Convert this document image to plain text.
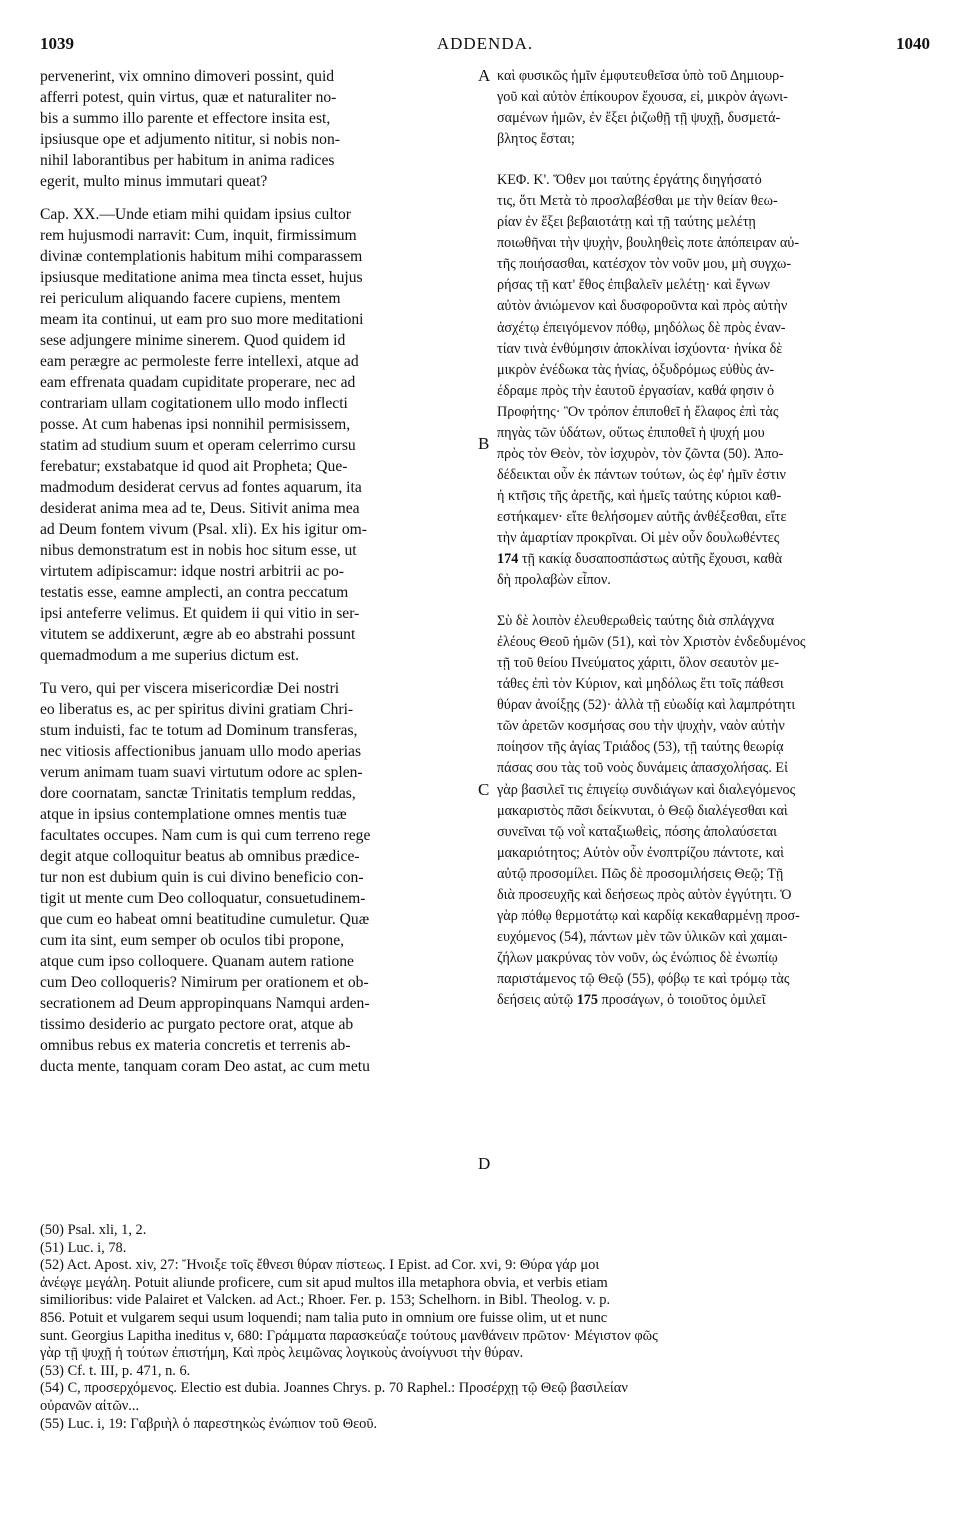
1039	ADDENDA.	1040
pervenerint, vix omnino dimoveri possint, quid
afferri potest, quin virtus, quæ et naturaliter no-
bis a summo illo parente et effectore insita est,
ipsiusque ope et adjumento nititur, si nobis non-
nihil laborantibus per habitum in anima radices
egerit, multo minus immutari queat?
Cap. XX.—Unde etiam mihi quidam ipsius cultor
rem hujusmodi narravit: Cum, inquit, firmissimum
divinæ contemplationis habitum mihi comparassem
ipsiusque meditatione anima mea tincta esset, hujus
rei periculum aliquando facere cupiens, mentem
meam ita continui, ut eam pro suo more meditationi
sese adjungere minime sinerem. Quod quidem id
eam perægre ac permoleste ferre intellexi, atque ad
eam effrenata quadam cupiditate properare, nec ad
contrariam ullam cogitationem ullo modo inflecti
posse. At cum habenas ipsi nonnihil permisissem,
statim ad studium suum et operam celerrimo cursu
ferebatur; exstabatque id quod ait Propheta; Que-
madmodum desiderat cervus ad fontes aquarum, ita
desiderat anima mea ad te, Deus. Sitivit anima mea
ad Deum fontem vivum (Psal. xli). Ex his igitur om-
nibus demonstratum est in nobis hoc situm esse, ut
virtutem adipiscamur: idque nostri arbitrii ac po-
testatis esse, eamne amplecti, an contra peccatum
ipsi anteferre velimus. Et quidem ii qui vitio in ser-
vitutem se addixerunt, ægre ab eo abstrahi possunt
quemadmodum a me superius dictum est.
Tu vero, qui per viscera misericordiæ Dei nostri
eo liberatus es, ac per spiritus divini gratiam Chri-
stum induisti, fac te totum ad Dominum transferas,
nec vitiosis affectionibus januam ullo modo aperias
verum animam tuam suavi virtutum odore ac splen-
dore coornatam, sanctæ Trinitatis templum reddas,
atque in ipsius contemplatione omnes mentis tuæ
facultates occupes. Nam cum is qui cum terreno rege
degit atque colloquitur beatus ab omnibus prædice-
tur non est dubium quin is cui divino beneficio con-
tigit ut mente cum Deo colloquatur, consuetudinem-
que cum eo habeat omni beatitudine cumuletur. Quæ
cum ita sint, eum semper ob oculos tibi propone,
atque cum ipso colloquere. Quanam autem ratione
cum Deo colloqueris? Nimirum per orationem et ob-
secrationem ad Deum appropinquans Namqui arden-
tissimo desiderio ac purgato pectore orat, atque ab
omnibus rebus ex materia concretis et terrenis ab-
ducta mente, tanquam coram Deo astat, ac cum metu
καὶ φυσικῶς ἡμῖν ἐμφυτευθεῖσα ὑπὸ τοῦ Δημιουρ-
γοῦ καὶ αὐτὸν ἐπίκουρον ἔχουσα, εἰ, μικρὸν ἀγωνι-
σαμένων ἡμῶν, ἐν ἕξει ῥιζωθῇ τῇ ψυχῇ, δυσμετά-
βλητος ἔσται;
ΚΕΦ. Κ'. Ὅθεν μοι ταύτης ἐργάτης διηγήσατό
τις, ὅτι Μετὰ τὸ προσλαβέσθαι με τὴν θείαν θεω-
ρίαν ἐν ἕξει βεβαιοτάτῃ καὶ τῇ ταύτης μελέτῃ
ποιωθῆναι τὴν ψυχὴν, βουληθεὶς ποτε ἀπόπειραν αὐ-
τῆς ποιήσασθαι, κατέσχον τὸν νοῦν μου, μὴ συγχω-
ρήσας τῇ κατ' ἔθος ἐπιβαλεῖν μελέτῃ· καὶ ἔγνων
αὐτὸν ἀνιώμενον καὶ δυσφοροῦντα καὶ πρὸς αὐτὴν
ἀσχέτῳ ἐπειγόμενον πόθῳ, μηδόλως δὲ πρὸς ἐναν-
τίαν τινὰ ἐνθύμησιν ἀποκλίναι ἰσχύοντα· ἡνίκα δὲ
μικρὸν ἐνέδωκα τὰς ἡνίας, ὀξυδρόμως εὐθὺς ἀν-
έδραμε πρὸς τὴν ἑαυτοῦ ἐργασίαν, καθά φησιν ὁ
Προφήτης· Ὃν τρόπον ἐπιποθεῖ ἡ ἔλαφος ἐπὶ τὰς
πηγὰς τῶν ὑδάτων, οὕτως ἐπιποθεῖ ἡ ψυχή μου
πρὸς τὸν Θεὸν, τὸν ἰσχυρὸν, τὸν ζῶντα (50). Ἀπο-
δέδεικται οὖν ἐκ πάντων τούτων, ὡς ἐφ' ἡμῖν ἐστιν
ἡ κτῆσις τῆς ἀρετῆς, καὶ ἡμεῖς ταύτης κύριοι καθ-
εστήκαμεν· εἴτε θελήσομεν αὐτῆς ἀνθέξεσθαι, εἴτε
τὴν ἁμαρτίαν προκρῖναι. Οἱ μὲν οὖν δουλωθέντες
174 τῇ κακίᾳ δυσαποσπάστως αὐτῆς ἔχουσι, καθὰ
δὴ προλαβὼν εἶπον.
Σὺ δὲ λοιπὸν ἐλευθερωθεὶς ταύτης διὰ σπλάγχνα
ἐλέους Θεοῦ ἡμῶν (51), καὶ τὸν Χριστὸν ἐνδεδυμένος
τῇ τοῦ θείου Πνεύματος χάριτι, ὅλον σεαυτὸν με-
τάθες ἐπὶ τὸν Κύριον, καὶ μηδόλως ἔτι τοῖς πάθεσι
θύραν ἀνοίξῃς (52)· ἀλλὰ τῇ εὐωδίᾳ καὶ λαμπρότητι
τῶν ἀρετῶν κοσμήσας σου τὴν ψυχὴν, ναὸν αὐτὴν
ποίησον τῆς ἁγίας Τριάδος (53), τῇ ταύτης θεωρίᾳ
πάσας σου τὰς τοῦ νοὸς δυνάμεις ἀπασχολήσας. Εἰ
γὰρ βασιλεῖ τις ἐπιγείῳ συνδιάγων καὶ διαλεγόμενος
μακαριστὸς πᾶσι δείκνυται, ὁ Θεῷ διαλέγεσθαι καὶ
συνεῖναι τῷ νοῒ καταξιωθεὶς, πόσης ἀπολαύσεται
μακαριότητος; Αὐτὸν οὖν ἐνοπτρίζου πάντοτε, καὶ
αὐτῷ προσομίλει. Πῶς δὲ προσομιλήσεις Θεῷ; Τῇ
διὰ προσευχῆς καὶ δεήσεως πρὸς αὐτὸν ἐγγύτητι. Ὁ
γὰρ πόθῳ θερμοτάτῳ καὶ καρδίᾳ κεκαθαρμένῃ προσ-
ευχόμενος (54), πάντων μὲν τῶν ὑλικῶν καὶ χαμαι-
ζήλων μακρύνας τὸν νοῦν, ὡς ἐνώπιος δὲ ἐνωπίῳ
παριστάμενος τῷ Θεῷ (55), φόβῳ τε καὶ τρόμῳ τὰς
δεήσεις αὐτῷ 175 προσάγων, ὁ τοιοῦτος ὁμιλεῖ
A
B
C
D
(50) Psal. xli, 1, 2.
(51) Luc. i, 78.
(52) Act. Apost. xiv, 27: Ἤνοιξε τοῖς ἔθνεσι θύραν πίστεως. I Epist. ad Cor. xvi, 9: Θύρα γάρ μοι
ἀνέῳγε μεγάλη. Potuit aliunde proficere, cum sit apud multos illa metaphora obvia, et verbis etiam
similioribus: vide Palairet et Valcken. ad Act.; Rhoer. Fer. p. 153; Schelhorn. in Bibl. Theolog. v. p.
856. Potuit et vulgarem sequi usum loquendi; nam talia puto in omnium ore fuisse olim, ut et nunc
sunt. Georgius Lapitha ineditus v, 680: Γράμματα παρασκεύαζε τούτους μανθάνειν πρῶτον· Μέγιστον φῶς
γὰρ τῇ ψυχῇ ἡ τούτων ἐπιστήμη, Καὶ πρὸς λειμῶνας λογικοὺς ἀνοίγνυσι τὴν θύραν.
(53) Cf. t. III, p. 471, n. 6.
(54) C, προσερχόμενος. Electio est dubia. Joannes Chrys. p. 70 Raphel.: Προσέρχῃ τῷ Θεῷ βασιλείαν
οὐρανῶν αἰτῶν...
(55) Luc. i, 19: Γαβριὴλ ὁ παρεστηκὼς ἐνώπιον τοῦ Θεοῦ.
